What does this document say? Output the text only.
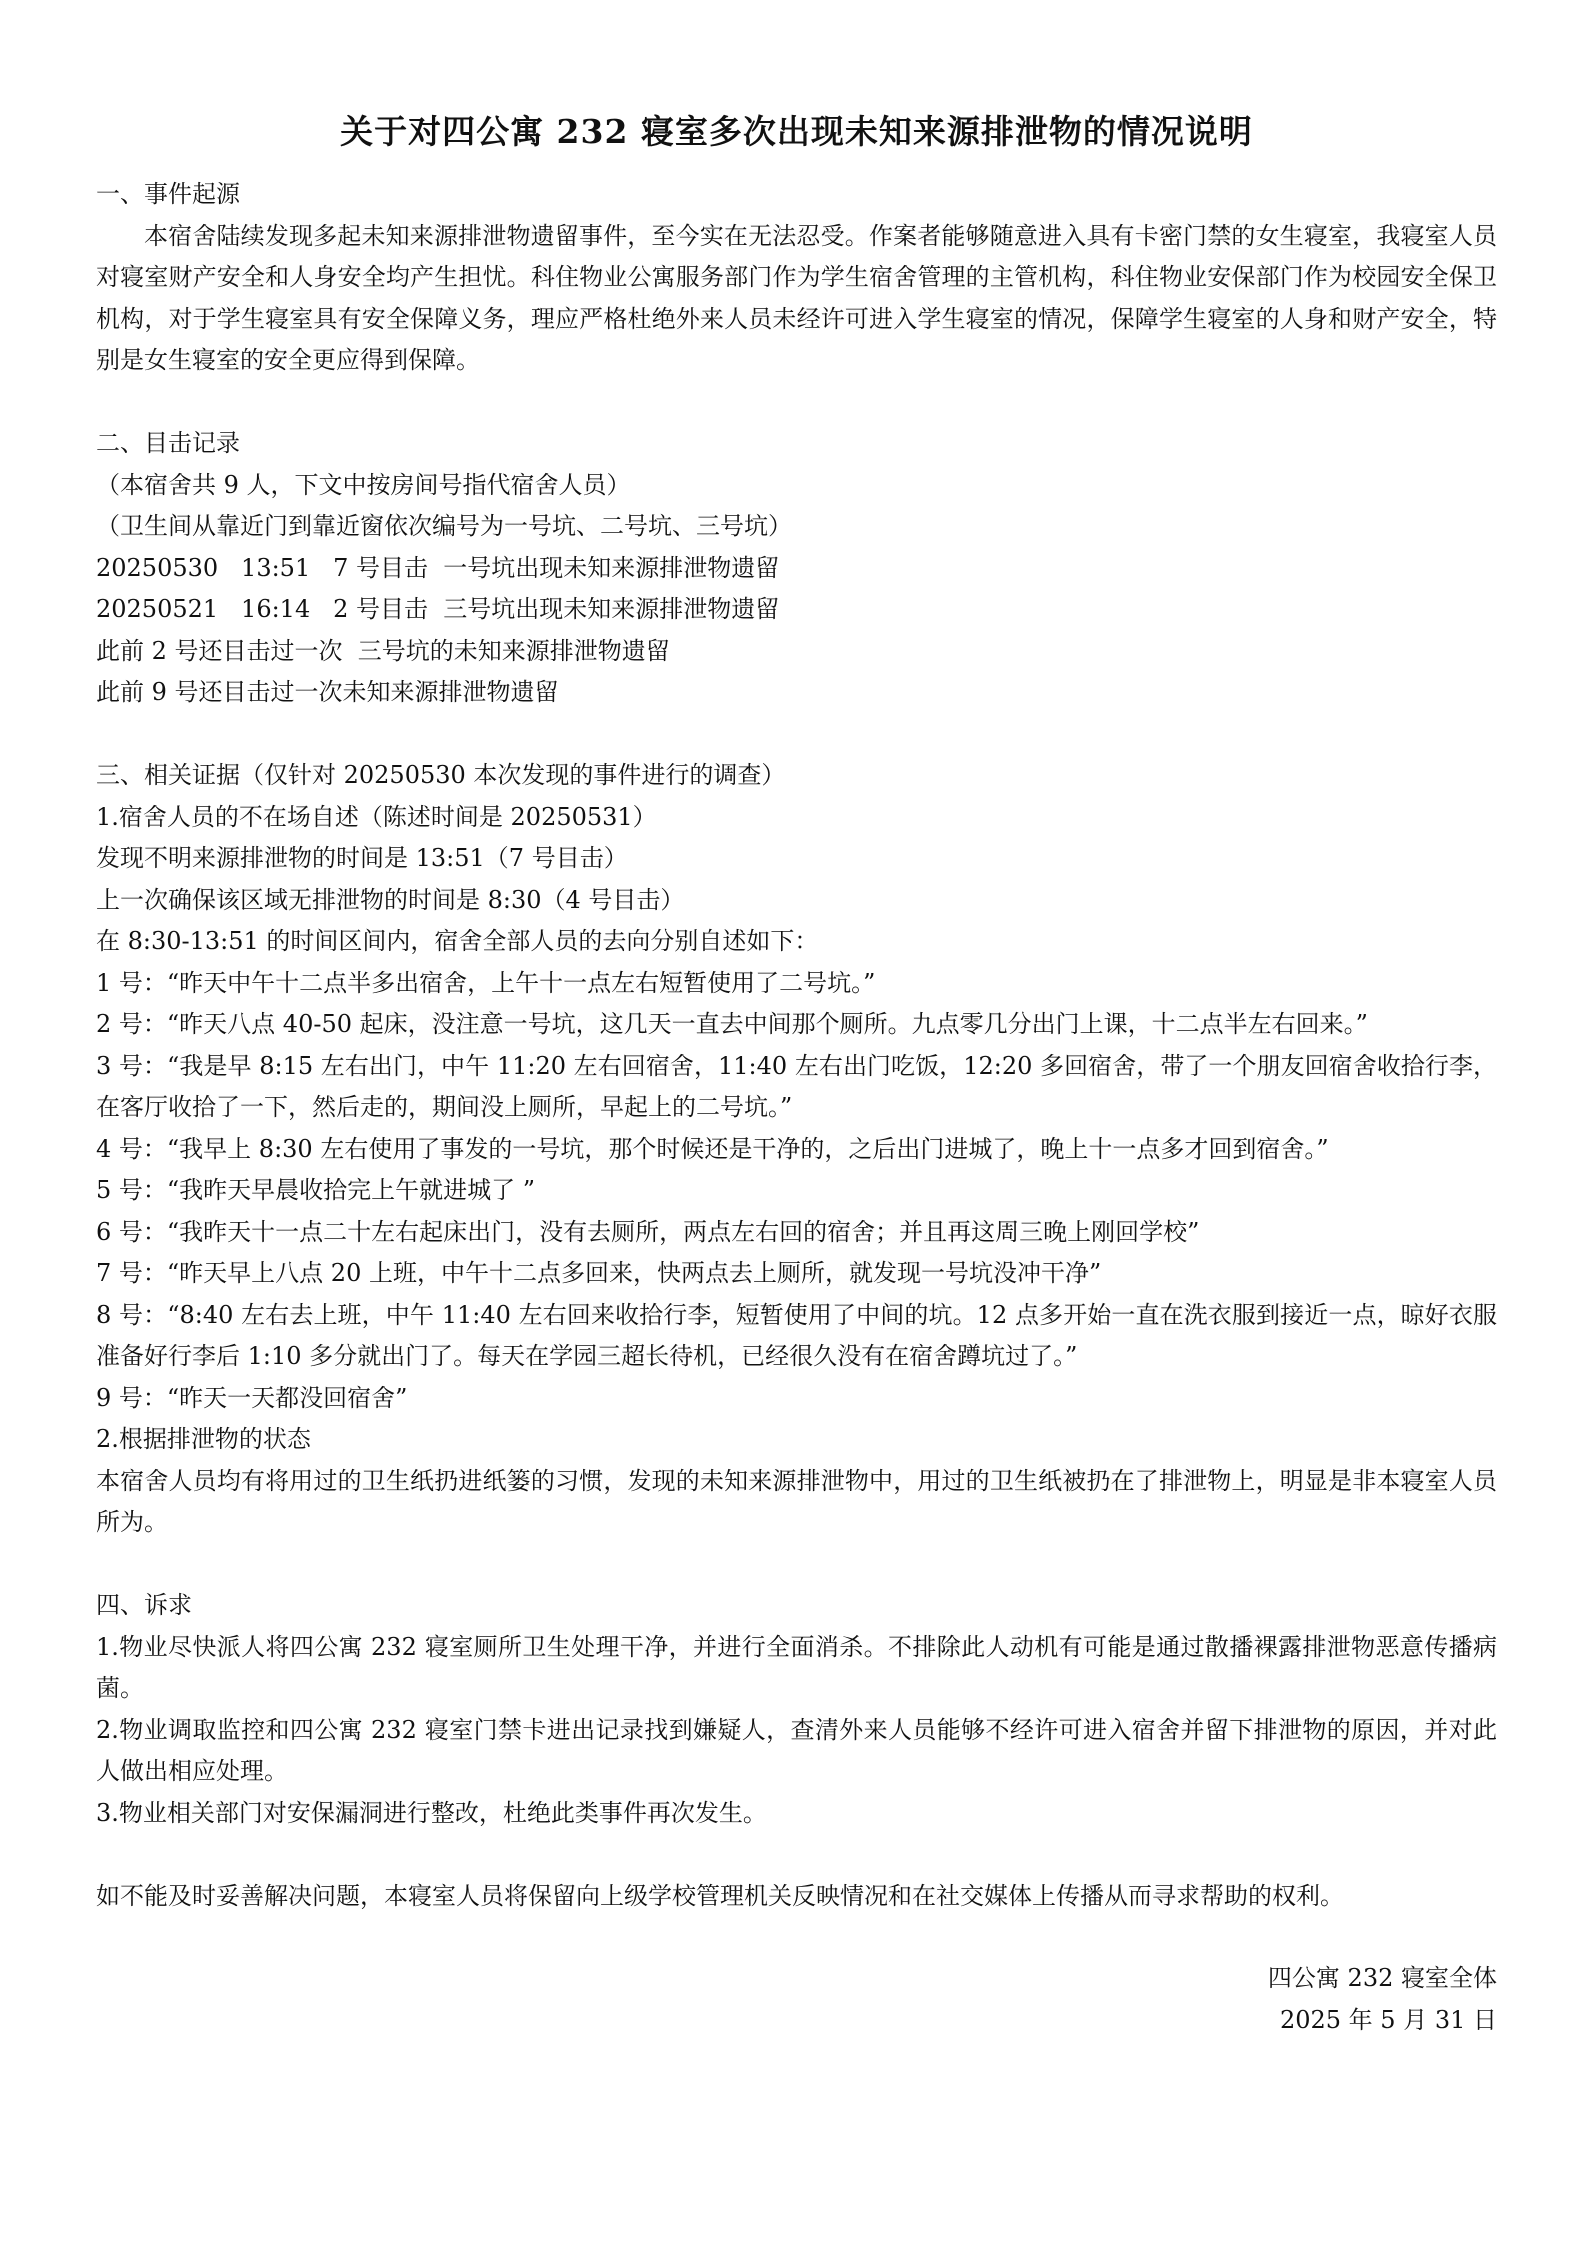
关于对四公寓 232 寝室多次出现未知来源排泄物的情况说明

一、事件起源

本宿舍陆续发现多起未知来源排泄物遗留事件，至今实在无法忍受。作案者能够随意进入具有卡密门禁的女生寝室，我寝室人员对寝室财产安全和人身安全均产生担忧。科住物业公寓服务部门作为学生宿舍管理的主管机构，科住物业安保部门作为校园安全保卫机构，对于学生寝室具有安全保障义务，理应严格杜绝外来人员未经许可进入学生寝室的情况，保障学生寝室的人身和财产安全，特别是女生寝室的安全更应得到保障。

二、目击记录

（本宿舍共 9 人，下文中按房间号指代宿舍人员）

（卫生间从靠近门到靠近窗依次编号为一号坑、二号坑、三号坑）

20250530   13:51   7 号目击  一号坑出现未知来源排泄物遗留

20250521   16:14   2 号目击  三号坑出现未知来源排泄物遗留

此前 2 号还目击过一次  三号坑的未知来源排泄物遗留

此前 9 号还目击过一次未知来源排泄物遗留

三、相关证据（仅针对 20250530 本次发现的事件进行的调查）

1.宿舍人员的不在场自述（陈述时间是 20250531）

发现不明来源排泄物的时间是 13:51（7 号目击）

上一次确保该区域无排泄物的时间是 8:30（4 号目击）

在 8:30-13:51 的时间区间内，宿舍全部人员的去向分别自述如下：

1 号：“昨天中午十二点半多出宿舍，上午十一点左右短暂使用了二号坑。”

2 号：“昨天八点 40-50 起床，没注意一号坑，这几天一直去中间那个厕所。九点零几分出门上课，十二点半左右回来。”

3 号：“我是早 8:15 左右出门，中午 11:20 左右回宿舍，11:40 左右出门吃饭，12:20 多回宿舍，带了一个朋友回宿舍收拾行李，在客厅收拾了一下，然后走的，期间没上厕所，早起上的二号坑。”

4 号：“我早上 8:30 左右使用了事发的一号坑，那个时候还是干净的，之后出门进城了，晚上十一点多才回到宿舍。”

5 号：“我昨天早晨收拾完上午就进城了 ”

6 号：“我昨天十一点二十左右起床出门，没有去厕所，两点左右回的宿舍；并且再这周三晚上刚回学校”

7 号：“昨天早上八点 20 上班，中午十二点多回来，快两点去上厕所，就发现一号坑没冲干净”

8 号：“8:40 左右去上班，中午 11:40 左右回来收拾行李，短暂使用了中间的坑。12 点多开始一直在洗衣服到接近一点，晾好衣服准备好行李后 1:10 多分就出门了。每天在学园三超长待机，已经很久没有在宿舍蹲坑过了。”

9 号：“昨天一天都没回宿舍”

2.根据排泄物的状态

本宿舍人员均有将用过的卫生纸扔进纸篓的习惯，发现的未知来源排泄物中，用过的卫生纸被扔在了排泄物上，明显是非本寝室人员所为。

四、诉求

1.物业尽快派人将四公寓 232 寝室厕所卫生处理干净，并进行全面消杀。不排除此人动机有可能是通过散播裸露排泄物恶意传播病菌。

2.物业调取监控和四公寓 232 寝室门禁卡进出记录找到嫌疑人，查清外来人员能够不经许可进入宿舍并留下排泄物的原因，并对此人做出相应处理。

3.物业相关部门对安保漏洞进行整改，杜绝此类事件再次发生。

如不能及时妥善解决问题，本寝室人员将保留向上级学校管理机关反映情况和在社交媒体上传播从而寻求帮助的权利。

四公寓 232 寝室全体

2025 年 5 月 31 日
